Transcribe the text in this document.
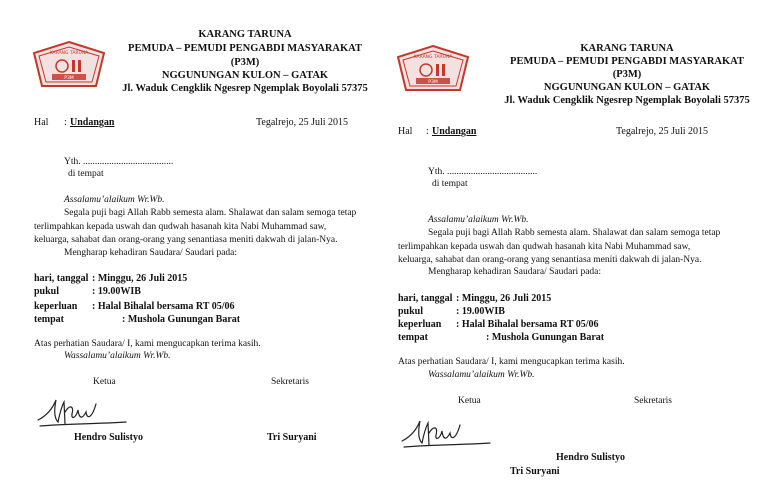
KARANG TARUNA
P3M
KARANG TARUNA
PEMUDA – PEMUDI PENGABDI MASYARAKAT
(P3M)
NGGUNUNGAN KULON – GATAK
Jl. Waduk Cengklik Ngesrep Ngemplak Boyolali 57375
Hal : Undangan	Tegalrejo, 25 Juli 2015
Yth. ......................................
di tempat
Assalamu’alaikum Wr.Wb.
Segala puji bagi Allah Rabb semesta alam. Shalawat dan salam semoga tetap
terlimpahkan kepada uswah dan qudwah hasanah kita Nabi Muhammad saw,
keluarga, sahabat dan orang-orang yang senantiasa meniti dakwah di jalan-Nya.
Mengharap kehadiran Saudara/ Saudari pada:
hari, tanggal : Minggu, 26 Juli 2015
pukul	: 19.00WIB
keperluan : Halal Bihalal bersama RT 05/06
tempat	: Mushola Gunungan Barat
Atas perhatian Saudara/ I, kami mengucapkan terima kasih.
Wassalamu’alaikum Wr.Wb.
Ketua	Sekretaris
Hendro Sulistyo	Tri Suryani
KARANG TARUNA
P3M
KARANG TARUNA
PEMUDA – PEMUDI PENGABDI MASYARAKAT
(P3M)
NGGUNUNGAN KULON – GATAK
Jl. Waduk Cengklik Ngesrep Ngemplak Boyolali 57375
Hal : Undangan	Tegalrejo, 25 Juli 2015
Yth. ......................................
di tempat
Assalamu’alaikum Wr.Wb.
Segala puji bagi Allah Rabb semesta alam. Shalawat dan salam semoga tetap
terlimpahkan kepada uswah dan qudwah hasanah kita Nabi Muhammad saw,
keluarga, sahabat dan orang-orang yang senantiasa meniti dakwah di jalan-Nya.
Mengharap kehadiran Saudara/ Saudari pada:
hari, tanggal : Minggu, 26 Juli 2015
pukul	: 19.00WIB
keperluan : Halal Bihalal bersama RT 05/06
tempat	: Mushola Gunungan Barat
Atas perhatian Saudara/ I, kami mengucapkan terima kasih.
Wassalamu’alaikum Wr.Wb.
Ketua	Sekretaris
Hendro Sulistyo
Tri Suryani
